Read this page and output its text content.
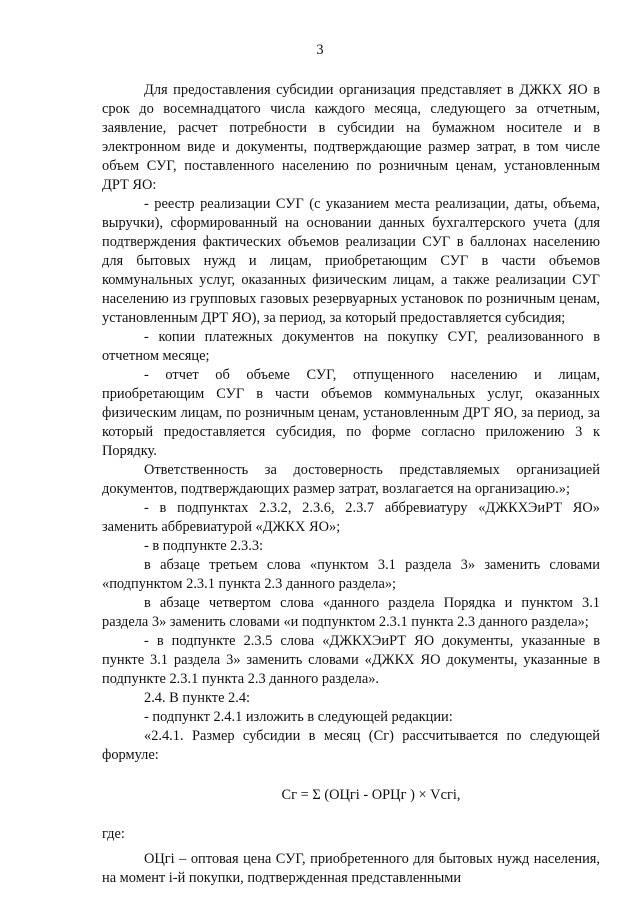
3

Для предоставления субсидии организация представляет в ДЖКХ ЯО в срок до восемнадцатого числа каждого месяца, следующего за отчетным, заявление, расчет потребности в субсидии на бумажном носителе и в электронном виде и документы, подтверждающие размер затрат, в том числе объем СУГ, поставленного населению по розничным ценам, установленным ДРТ ЯО:

- реестр реализации СУГ (с указанием места реализации, даты, объема, выручки), сформированный на основании данных бухгалтерского учета (для подтверждения фактических объемов реализации СУГ в баллонах населению для бытовых нужд и лицам, приобретающим СУГ в части объемов коммунальных услуг, оказанных физическим лицам, а также реализации СУГ населению из групповых газовых резервуарных установок по розничным ценам, установленным ДРТ ЯО), за период, за который предоставляется субсидия;

- копии платежных документов на покупку СУГ, реализованного в отчетном месяце;

- отчет об объеме СУГ, отпущенного населению и лицам, приобретающим СУГ в части объемов коммунальных услуг, оказанных физическим лицам, по розничным ценам, установленным ДРТ ЯО, за период, за который предоставляется субсидия, по форме согласно приложению 3 к Порядку.

Ответственность за достоверность представляемых организацией документов, подтверждающих размер затрат, возлагается на организацию.»;

- в подпунктах 2.3.2, 2.3.6, 2.3.7 аббревиатуру «ДЖКХЭиРТ ЯО» заменить аббревиатурой «ДЖКХ ЯО»;

- в подпункте 2.3.3:

в абзаце третьем слова «пунктом 3.1 раздела 3» заменить словами «подпунктом 2.3.1 пункта 2.3 данного раздела»;

в абзаце четвертом слова «данного раздела Порядка и пунктом 3.1 раздела 3» заменить словами «и подпунктом 2.3.1 пункта 2.3 данного раздела»;

- в подпункте 2.3.5 слова «ДЖКХЭиРТ ЯО документы, указанные в пункте 3.1 раздела 3» заменить словами «ДЖКХ ЯО документы, указанные в подпункте 2.3.1 пункта 2.3 данного раздела».

2.4. В пункте 2.4:

- подпункт 2.4.1 изложить в следующей редакции:

«2.4.1. Размер субсидии в месяц (Сг) рассчитывается по следующей формуле:

Сг = Σ (ОЦгi - ОРЦг ) × Vсгi,

где:

ОЦгi – оптовая цена СУГ, приобретенного для бытовых нужд населения, на момент i-й покупки, подтвержденная представленными
